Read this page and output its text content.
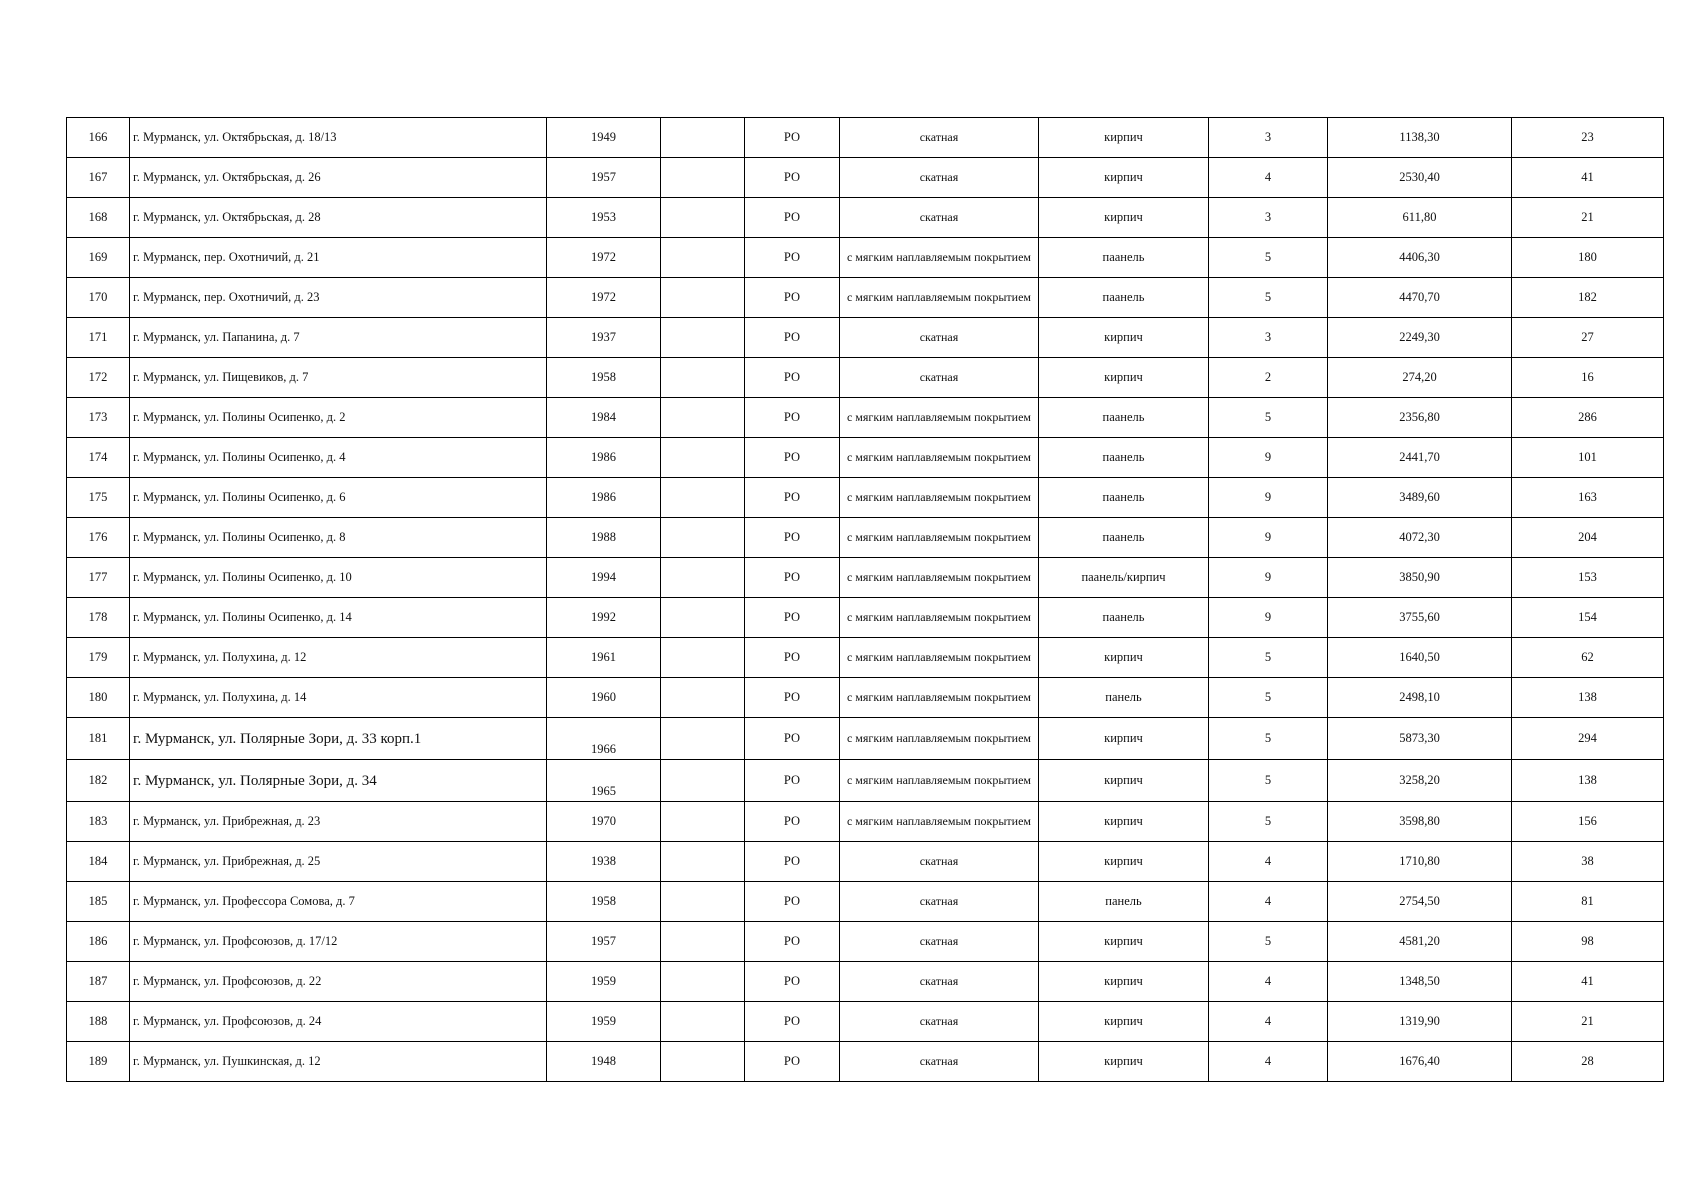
166	г. Мурманск, ул. Октябрьская, д. 18/13	1949		РО	скатная	кирпич	3	1138,30	23
167	г. Мурманск, ул. Октябрьская, д. 26	1957		РО	скатная	кирпич	4	2530,40	41
168	г. Мурманск, ул. Октябрьская, д. 28	1953		РО	скатная	кирпич	3	611,80	21
169	г. Мурманск, пер. Охотничий, д. 21	1972		РО	с мягким наплавляемым покрытием	паанель	5	4406,30	180
170	г. Мурманск, пер. Охотничий, д. 23	1972		РО	с мягким наплавляемым покрытием	паанель	5	4470,70	182
171	г. Мурманск, ул. Папанина, д. 7	1937		РО	скатная	кирпич	3	2249,30	27
172	г. Мурманск, ул. Пищевиков, д. 7	1958		РО	скатная	кирпич	2	274,20	16
173	г. Мурманск, ул. Полины Осипенко, д. 2	1984		РО	с мягким наплавляемым покрытием	паанель	5	2356,80	286
174	г. Мурманск, ул. Полины Осипенко, д. 4	1986		РО	с мягким наплавляемым покрытием	паанель	9	2441,70	101
175	г. Мурманск, ул. Полины Осипенко, д. 6	1986		РО	с мягким наплавляемым покрытием	паанель	9	3489,60	163
176	г. Мурманск, ул. Полины Осипенко, д. 8	1988		РО	с мягким наплавляемым покрытием	паанель	9	4072,30	204
177	г. Мурманск, ул. Полины Осипенко, д. 10	1994		РО	с мягким наплавляемым покрытием	паанель/кирпич	9	3850,90	153
178	г. Мурманск, ул. Полины Осипенко, д. 14	1992		РО	с мягким наплавляемым покрытием	паанель	9	3755,60	154
179	г. Мурманск, ул. Полухина, д. 12	1961		РО	с мягким наплавляемым покрытием	кирпич	5	1640,50	62
180	г. Мурманск, ул. Полухина, д. 14	1960		РО	с мягким наплавляемым покрытием	панель	5	2498,10	138
181	г. Мурманск, ул. Полярные Зори, д. 33 корп.1	1966		РО	с мягким наплавляемым покрытием	кирпич	5	5873,30	294
182	г. Мурманск, ул. Полярные Зори, д. 34	1965		РО	с мягким наплавляемым покрытием	кирпич	5	3258,20	138
183	г. Мурманск, ул. Прибрежная, д. 23	1970		РО	с мягким наплавляемым покрытием	кирпич	5	3598,80	156
184	г. Мурманск, ул. Прибрежная, д. 25	1938		РО	скатная	кирпич	4	1710,80	38
185	г. Мурманск, ул. Профессора Сомова, д. 7	1958		РО	скатная	панель	4	2754,50	81
186	г. Мурманск, ул. Профсоюзов, д. 17/12	1957		РО	скатная	кирпич	5	4581,20	98
187	г. Мурманск, ул. Профсоюзов, д. 22	1959		РО	скатная	кирпич	4	1348,50	41
188	г. Мурманск, ул. Профсоюзов, д. 24	1959		РО	скатная	кирпич	4	1319,90	21
189	г. Мурманск, ул. Пушкинская, д. 12	1948		РО	скатная	кирпич	4	1676,40	28
